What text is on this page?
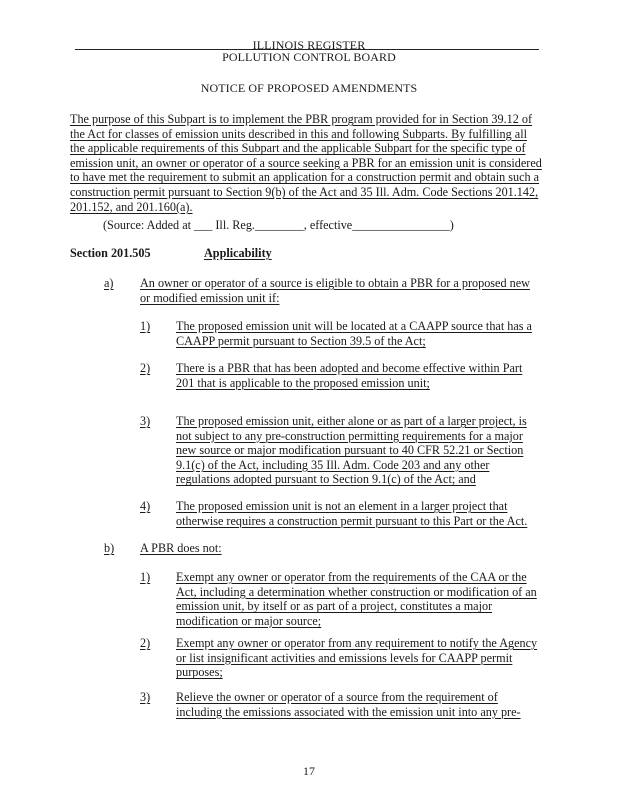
ILLINOIS REGISTER
POLLUTION CONTROL BOARD
NOTICE OF PROPOSED AMENDMENTS
The purpose of this Subpart is to implement the PBR program provided for in Section 39.12 of
the Act for classes of emission units described in this and following Subparts. By fulfilling all
the applicable requirements of this Subpart and the applicable Subpart for the specific type of
emission unit, an owner or operator of a source seeking a PBR for an emission unit is considered
to have met the requirement to submit an application for a construction permit and obtain such a
construction permit pursuant to Section 9(b) of the Act and 35 Ill. Adm. Code Sections 201.142,
201.152, and 201.160(a).
(Source: Added at ___ Ill. Reg.________, effective________________)
Section 201.505	Applicability
a) An owner or operator of a source is eligible to obtain a PBR for a proposed new
or modified emission unit if:
1) The proposed emission unit will be located at a CAAPP source that has a
CAAPP permit pursuant to Section 39.5 of the Act;
2) There is a PBR that has been adopted and become effective within Part
201 that is applicable to the proposed emission unit;
3) The proposed emission unit, either alone or as part of a larger project, is
not subject to any pre-construction permitting requirements for a major
new source or major modification pursuant to 40 CFR 52.21 or Section
9.1(c) of the Act, including 35 Ill. Adm. Code 203 and any other
regulations adopted pursuant to Section 9.1(c) of the Act; and
4) The proposed emission unit is not an element in a larger project that
otherwise requires a construction permit pursuant to this Part or the Act.
b) A PBR does not:
1) Exempt any owner or operator from the requirements of the CAA or the
Act, including a determination whether construction or modification of an
emission unit, by itself or as part of a project, constitutes a major
modification or major source;
2) Exempt any owner or operator from any requirement to notify the Agency
or list insignificant activities and emissions levels for CAAPP permit
purposes;
3) Relieve the owner or operator of a source from the requirement of
including the emissions associated with the emission unit into any pre-
17
